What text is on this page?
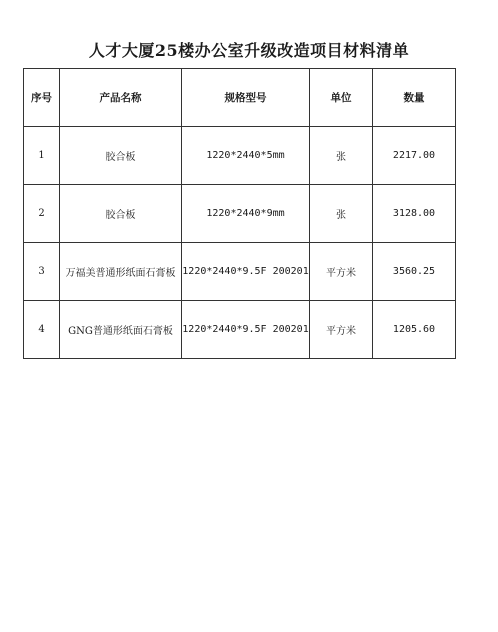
人才大厦25楼办公室升级改造项目材料清单
序号	产品名称	规格型号	单位	数量
1	胶合板	1220*2440*5mm	张	2217.00
2	胶合板	1220*2440*9mm	张	3128.00
3	万福美普通形纸面石膏板	1220*2440*9.5F 200201	平方米	3560.25
4	GNG普通形纸面石膏板	1220*2440*9.5F 200201	平方米	1205.60
